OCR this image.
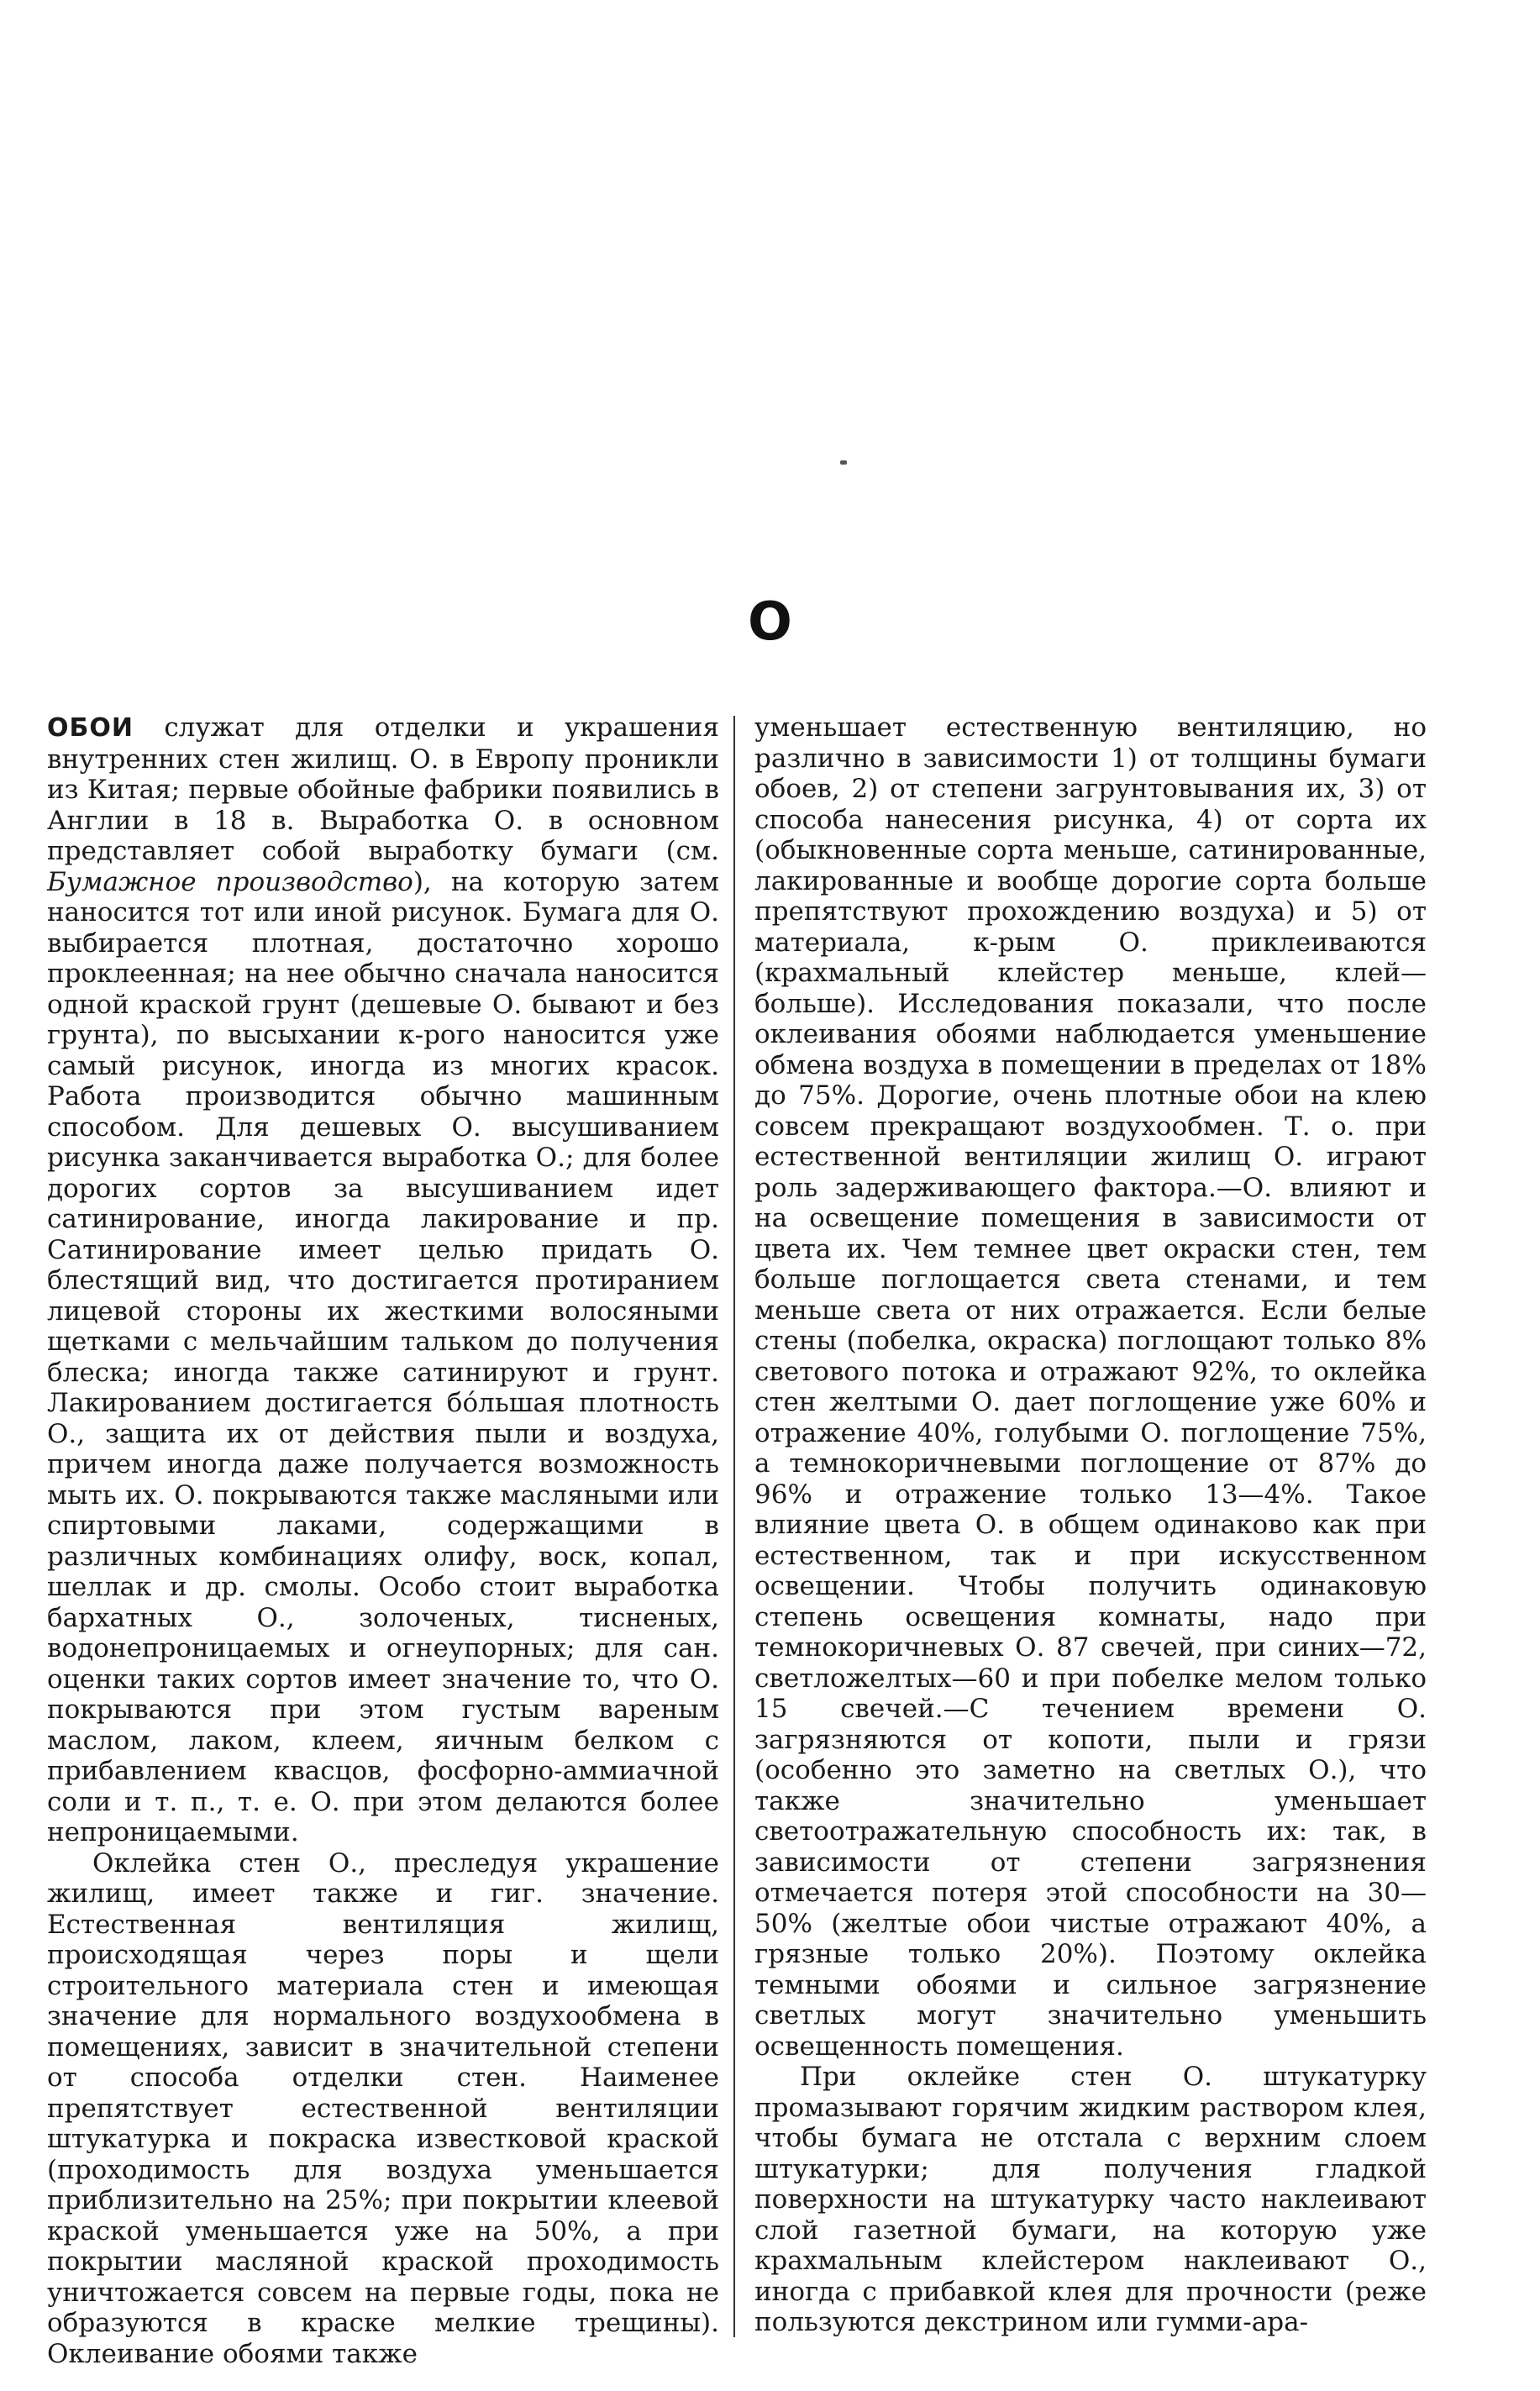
О

ОБОИ служат для отделки и украшения внутренних стен жилищ. О. в Европу проникли из Китая; первые обойные фабрики появились в Англии в 18 в. Выработка О. в основном представляет собой выработку бумаги (см. Бумажное производство), на которую затем наносится тот или иной рисунок. Бумага для О. выбирается плотная, достаточно хорошо проклеенная; на нее обычно сначала наносится одной краской грунт (дешевые О. бывают и без грунта), по высыхании к-рого наносится уже самый рисунок, иногда из многих красок. Работа производится обычно машинным способом. Для дешевых О. высушиванием рисунка заканчивается выработка О.; для более дорогих сортов за высушиванием идет сатинирование, иногда лакирование и пр. Сатинирование имеет целью придать О. блестящий вид, что достигается протиранием лицевой стороны их жесткими волосяными щетками с мельчайшим тальком до получения блеска; иногда также сатинируют и грунт. Лакированием достигается бо́льшая плотность О., защита их от действия пыли и воздуха, причем иногда даже получается возможность мыть их. О. покрываются также масляными или спиртовыми лаками, содержащими в различных комбинациях олифу, воск, копал, шеллак и др. смолы. Особо стоит выработка бархатных О., золоченых, тисненых, водонепроницаемых и огнеупорных; для сан. оценки таких сортов имеет значение то, что О. покрываются при этом густым вареным маслом, лаком, клеем, яичным белком с прибавлением квасцов, фосфорно-аммиачной соли и т. п., т. е. О. при этом делаются более непроницаемыми.

Оклейка стен О., преследуя украшение жилищ, имеет также и гиг. значение. Естественная вентиляция жилищ, происходящая через поры и щели строительного материала стен и имеющая значение для нормального воздухообмена в помещениях, зависит в значительной степени от способа отделки стен. Наименее препятствует естественной вентиляции штукатурка и покраска известковой краской (проходимость для воздуха уменьшается приблизительно на 25%; при покрытии клеевой краской уменьшается уже на 50%, а при покрытии масляной краской проходимость уничтожается совсем на первые годы, пока не образуются в краске мелкие трещины). Оклеивание обоями также

уменьшает естественную вентиляцию, но различно в зависимости 1) от толщины бумаги обоев, 2) от степени загрунтовывания их, 3) от способа нанесения рисунка, 4) от сорта их (обыкновенные сорта меньше, сатинированные, лакированные и вообще дорогие сорта больше препятствуют прохождению воздуха) и 5) от материала, к-рым О. приклеиваются (крахмальный клейстер меньше, клей—больше). Исследования показали, что после оклеивания обоями наблюдается уменьшение обмена воздуха в помещении в пределах от 18% до 75%. Дорогие, очень плотные обои на клею совсем прекращают воздухообмен. Т. о. при естественной вентиляции жилищ О. играют роль задерживающего фактора.—О. влияют и на освещение помещения в зависимости от цвета их. Чем темнее цвет окраски стен, тем больше поглощается света стенами, и тем меньше света от них отражается. Если белые стены (побелка, окраска) поглощают только 8% светового потока и отражают 92%, то оклейка стен желтыми О. дает поглощение уже 60% и отражение 40%, голубыми О. поглощение 75%, а темнокоричневыми поглощение от 87% до 96% и отражение только 13—4%. Такое влияние цвета О. в общем одинаково как при естественном, так и при искусственном освещении. Чтобы получить одинаковую степень освещения комнаты, надо при темнокоричневых О. 87 свечей, при синих—72, светложелтых—60 и при побелке мелом только 15 свечей.—С течением времени О. загрязняются от копоти, пыли и грязи (особенно это заметно на светлых О.), что также значительно уменьшает светоотражательную способность их: так, в зависимости от степени загрязнения отмечается потеря этой способности на 30—50% (желтые обои чистые отражают 40%, а грязные только 20%). Поэтому оклейка темными обоями и сильное загрязнение светлых могут значительно уменьшить освещенность помещения.

При оклейке стен О. штукатурку промазывают горячим жидким раствором клея, чтобы бумага не отстала с верхним слоем штукатурки; для получения гладкой поверхности на штукатурку часто наклеивают слой газетной бумаги, на которую уже крахмальным клейстером наклеивают О., иногда с прибавкой клея для прочности (реже пользуются декстрином или гумми-ара-
